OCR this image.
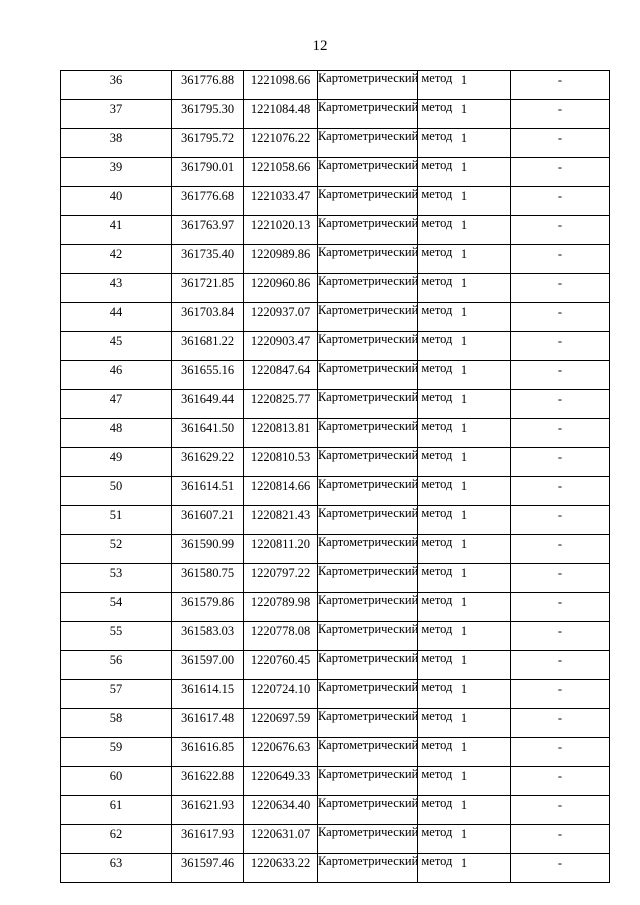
12
36	361776.88	1221098.66	Картометрический метод	1	-
37	361795.30	1221084.48	Картометрический метод	1	-
38	361795.72	1221076.22	Картометрический метод	1	-
39	361790.01	1221058.66	Картометрический метод	1	-
40	361776.68	1221033.47	Картометрический метод	1	-
41	361763.97	1221020.13	Картометрический метод	1	-
42	361735.40	1220989.86	Картометрический метод	1	-
43	361721.85	1220960.86	Картометрический метод	1	-
44	361703.84	1220937.07	Картометрический метод	1	-
45	361681.22	1220903.47	Картометрический метод	1	-
46	361655.16	1220847.64	Картометрический метод	1	-
47	361649.44	1220825.77	Картометрический метод	1	-
48	361641.50	1220813.81	Картометрический метод	1	-
49	361629.22	1220810.53	Картометрический метод	1	-
50	361614.51	1220814.66	Картометрический метод	1	-
51	361607.21	1220821.43	Картометрический метод	1	-
52	361590.99	1220811.20	Картометрический метод	1	-
53	361580.75	1220797.22	Картометрический метод	1	-
54	361579.86	1220789.98	Картометрический метод	1	-
55	361583.03	1220778.08	Картометрический метод	1	-
56	361597.00	1220760.45	Картометрический метод	1	-
57	361614.15	1220724.10	Картометрический метод	1	-
58	361617.48	1220697.59	Картометрический метод	1	-
59	361616.85	1220676.63	Картометрический метод	1	-
60	361622.88	1220649.33	Картометрический метод	1	-
61	361621.93	1220634.40	Картометрический метод	1	-
62	361617.93	1220631.07	Картометрический метод	1	-
63	361597.46	1220633.22	Картометрический метод	1	-
